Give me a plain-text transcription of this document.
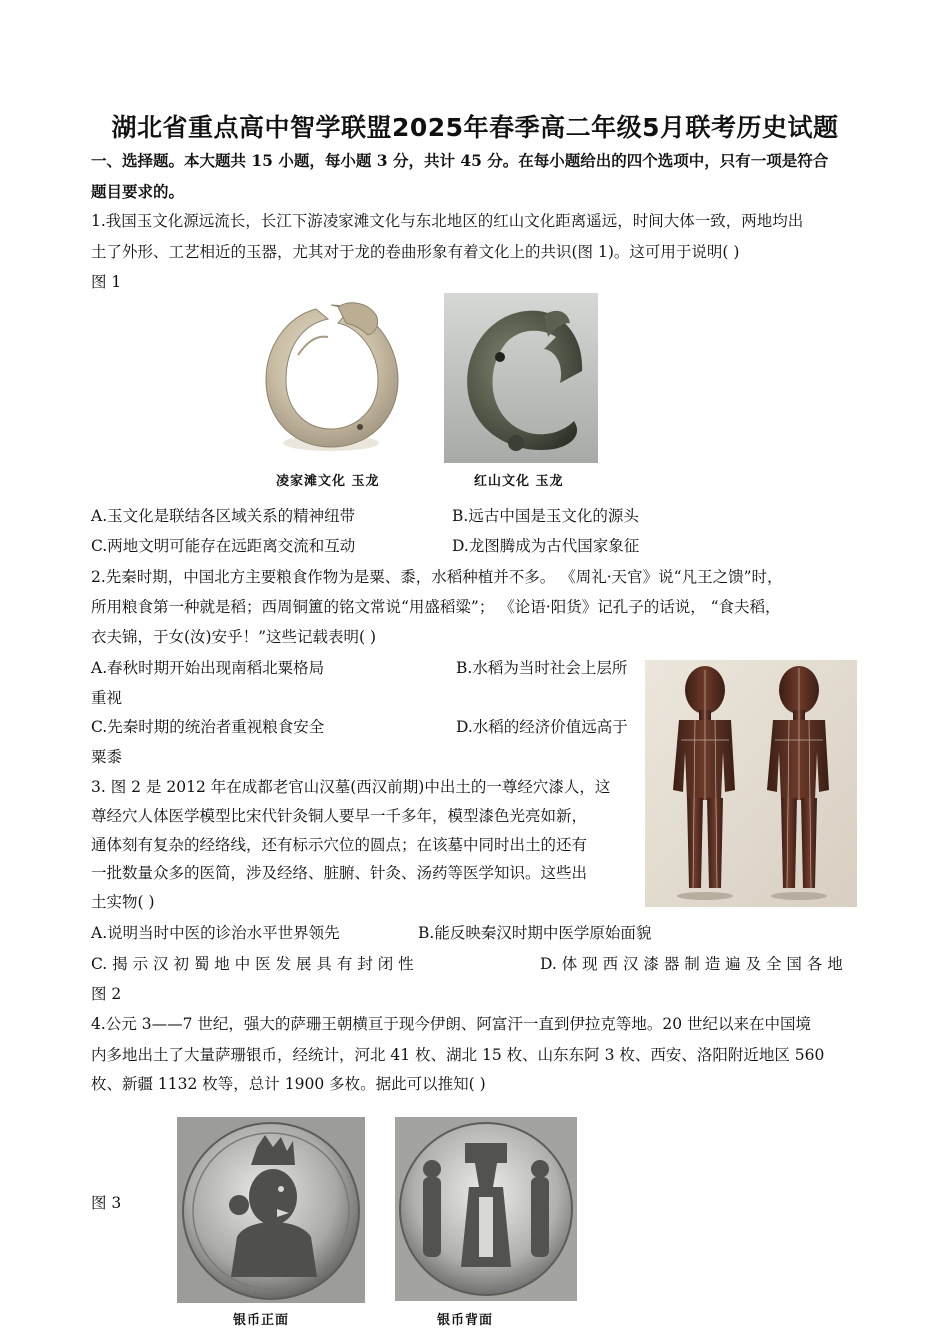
湖北省重点高中智学联盟2025年春季高二年级5月联考历史试题
一、选择题。本大题共 15 小题，每小题 3 分，共计 45 分。在每小题给出的四个选项中，只有一项是符合
题目要求的。
1.我国玉文化源远流长，长江下游凌家滩文化与东北地区的红山文化距离遥远，时间大体一致，两地均出
土了外形、工艺相近的玉器，尤其对于龙的卷曲形象有着文化上的共识(图 1)。这可用于说明( )
图 1
凌家滩文化 玉龙	红山文化 玉龙
A.玉文化是联结各区域关系的精神纽带	B.远古中国是玉文化的源头
C.两地文明可能存在远距离交流和互动	D.龙图腾成为古代国家象征
2.先秦时期，中国北方主要粮食作物为是粟、黍，水稻种植并不多。 《周礼·天官》说“凡王之馈”时，
所用粮食第一种就是稻；西周铜簠的铭文常说“用盛稻粱”； 《论语·阳货》记孔子的话说， “食夫稻，
衣夫锦，于女(汝)安乎！”这些记载表明( )
A.春秋时期开始出现南稻北粟格局	B.水稻为当时社会上层所
重视
C.先秦时期的统治者重视粮食安全	D.水稻的经济价值远高于
粟黍
3. 图 2 是 2012 年在成都老官山汉墓(西汉前期)中出土的一尊经穴漆人，这
尊经穴人体医学模型比宋代针灸铜人要早一千多年，模型漆色光亮如新，
通体刻有复杂的经络线，还有标示穴位的圆点；在该墓中同时出土的还有
一批数量众多的医简，涉及经络、脏腑、针灸、汤药等医学知识。这些出
土实物( )
A.说明当时中医的诊治水平世界领先	B.能反映秦汉时期中医学原始面貌
C. 揭 示 汉 初 蜀 地 中 医 发 展 具 有 封 闭 性	D. 体 现 西 汉 漆 器 制 造 遍 及 全 国 各 地
图 2
4.公元 3——7 世纪，强大的萨珊王朝横亘于现今伊朗、阿富汗一直到伊拉克等地。20 世纪以来在中国境
内多地出土了大量萨珊银币，经统计，河北 41 枚、湖北 15 枚、山东东阿 3 枚、西安、洛阳附近地区 560
枚、新疆 1132 枚等，总计 1900 多枚。据此可以推知( )
图 3
银币正面	银币背面
